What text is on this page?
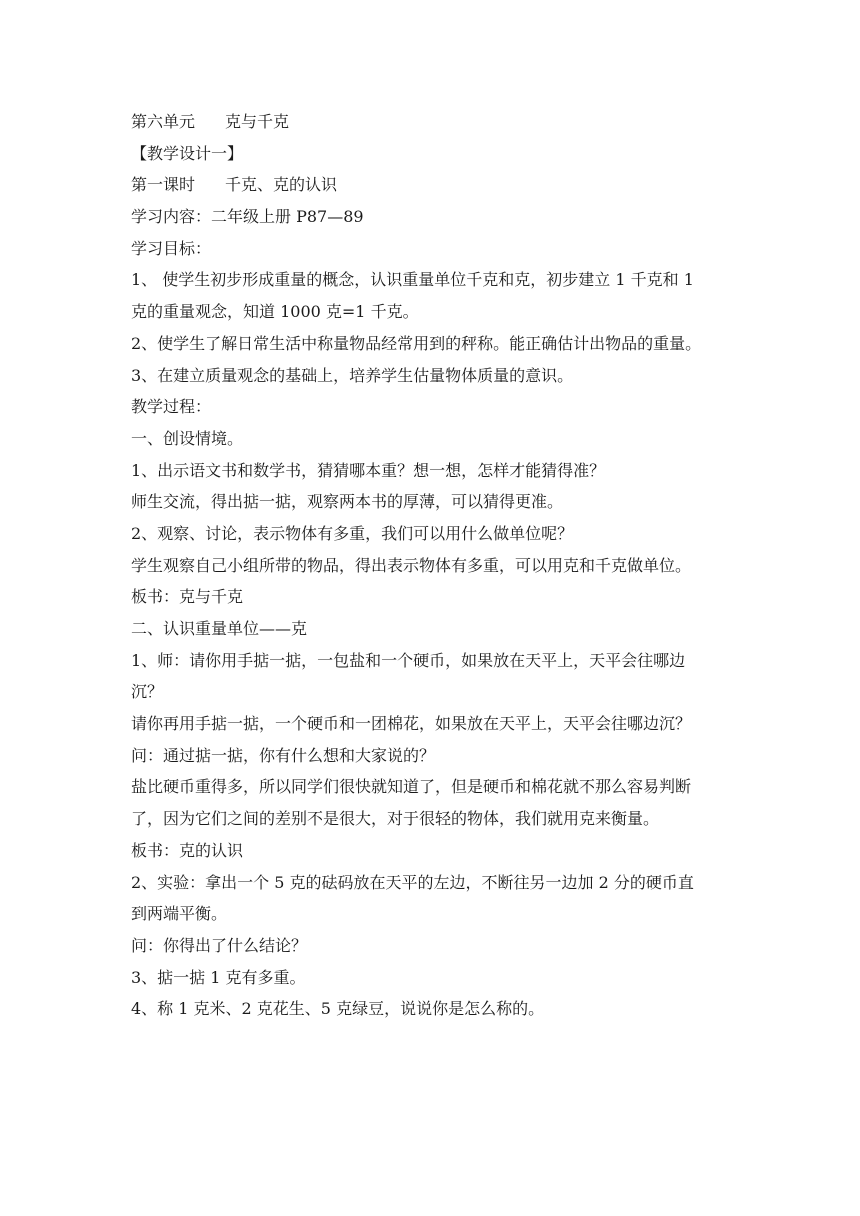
第六单元 克与千克
【教学设计一】
第一课时 千克、克的认识
学习内容：二年级上册 P87—89
学习目标：
1、 使学生初步形成重量的概念，认识重量单位千克和克，初步建立 1 千克和 1
克的重量观念，知道 1000 克=1 千克。
2、使学生了解日常生活中称量物品经常用到的秤称。能正确估计出物品的重量。
3、在建立质量观念的基础上，培养学生估量物体质量的意识。
教学过程：
一、创设情境。
1、出示语文书和数学书，猜猜哪本重？想一想，怎样才能猜得准？
师生交流，得出掂一掂，观察两本书的厚薄，可以猜得更准。
2、观察、讨论，表示物体有多重，我们可以用什么做单位呢？
学生观察自己小组所带的物品，得出表示物体有多重，可以用克和千克做单位。
板书：克与千克
二、认识重量单位——克
1、师：请你用手掂一掂，一包盐和一个硬币，如果放在天平上，天平会往哪边
沉？
请你再用手掂一掂，一个硬币和一团棉花，如果放在天平上，天平会往哪边沉？
问：通过掂一掂，你有什么想和大家说的？
盐比硬币重得多，所以同学们很快就知道了，但是硬币和棉花就不那么容易判断
了，因为它们之间的差别不是很大，对于很轻的物体，我们就用克来衡量。
板书：克的认识
2、实验：拿出一个 5 克的砝码放在天平的左边，不断往另一边加 2 分的硬币直
到两端平衡。
问：你得出了什么结论？
3、掂一掂 1 克有多重。
4、称 1 克米、2 克花生、5 克绿豆，说说你是怎么称的。
